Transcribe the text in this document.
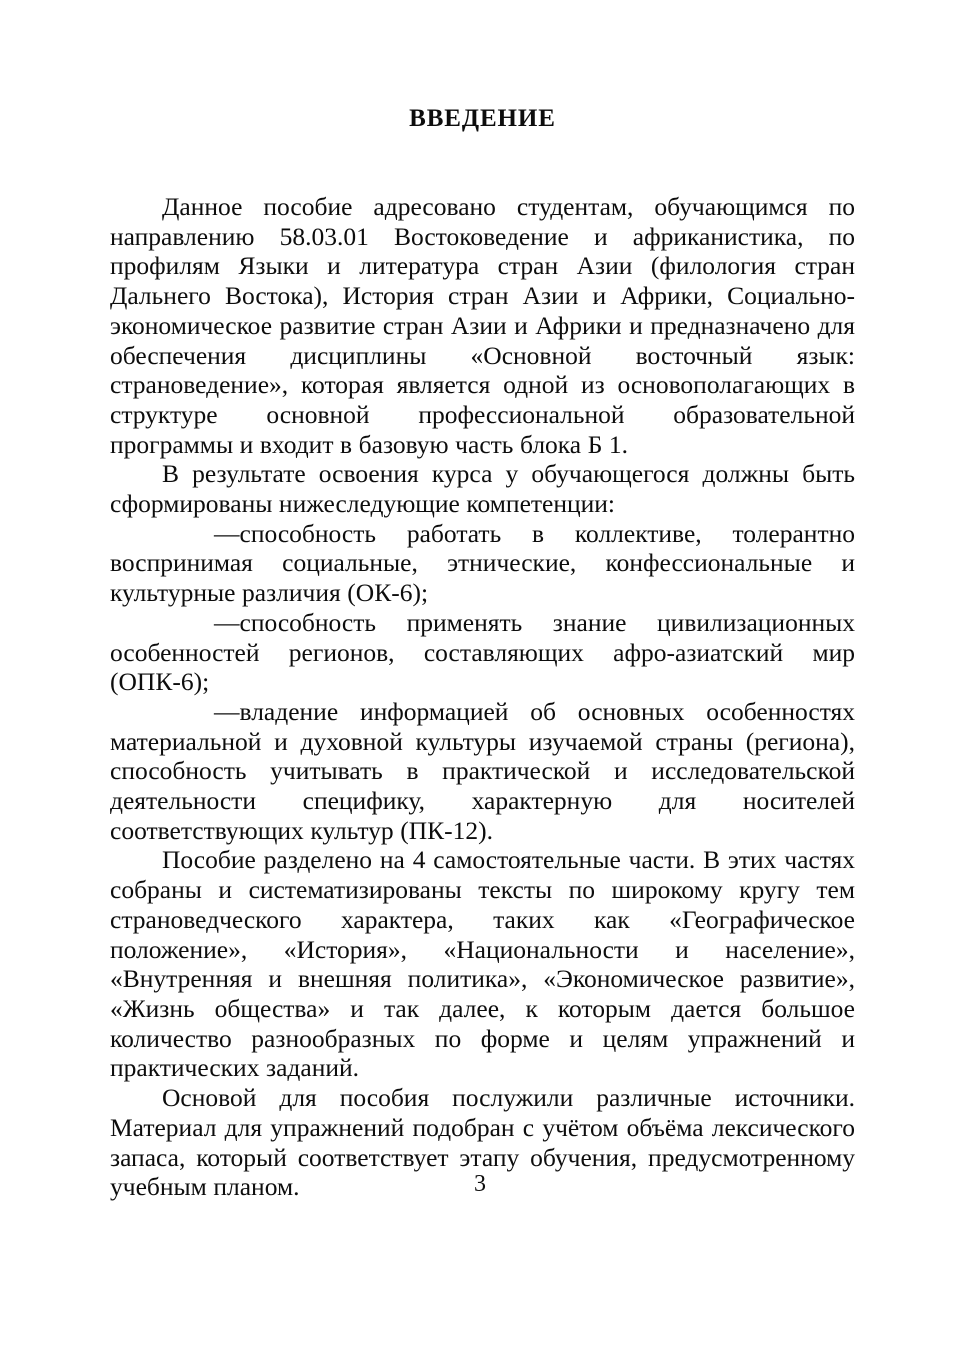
ВВЕДЕНИЕ

Данное пособие адресовано студентам, обучающимся по направлению 58.03.01 Востоковедение и африканистика, по профилям Языки и литература стран Азии (филология стран Дальнего Востока), История стран Азии и Африки, Социально-экономическое развитие стран Азии и Африки и предназначено для обеспечения дисциплины «Основной восточный язык: страноведение», которая является одной из основополагающих в структуре основной профессиональной образовательной программы и входит в базовую часть блока Б 1.

В результате освоения курса у обучающегося должны быть сформированы нижеследующие компетенции:

—способность работать в коллективе, толерантно воспринимая социальные, этнические, конфессиональные и культурные различия (ОК-6);

—способность применять знание цивилизационных особенностей регионов, составляющих афро-азиатский мир (ОПК-6);

—владение информацией об основных особенностях материальной и духовной культуры изучаемой страны (региона), способность учитывать в практической и исследовательской деятельности специфику, характерную для носителей соответствующих культур (ПК-12).

Пособие разделено на 4 самостоятельные части. В этих частях собраны и систематизированы тексты по широкому кругу тем страноведческого характера, таких как «Географическое положение», «История», «Национальности и население», «Внутренняя и внешняя политика», «Экономическое развитие», «Жизнь общества» и так далее, к которым дается большое количество разнообразных по форме и целям упражнений и практических заданий.

Основой для пособия послужили различные источники. Материал для упражнений подобран с учётом объёма лексического запаса, который соответствует этапу обучения, предусмотренному учебным планом.	3
